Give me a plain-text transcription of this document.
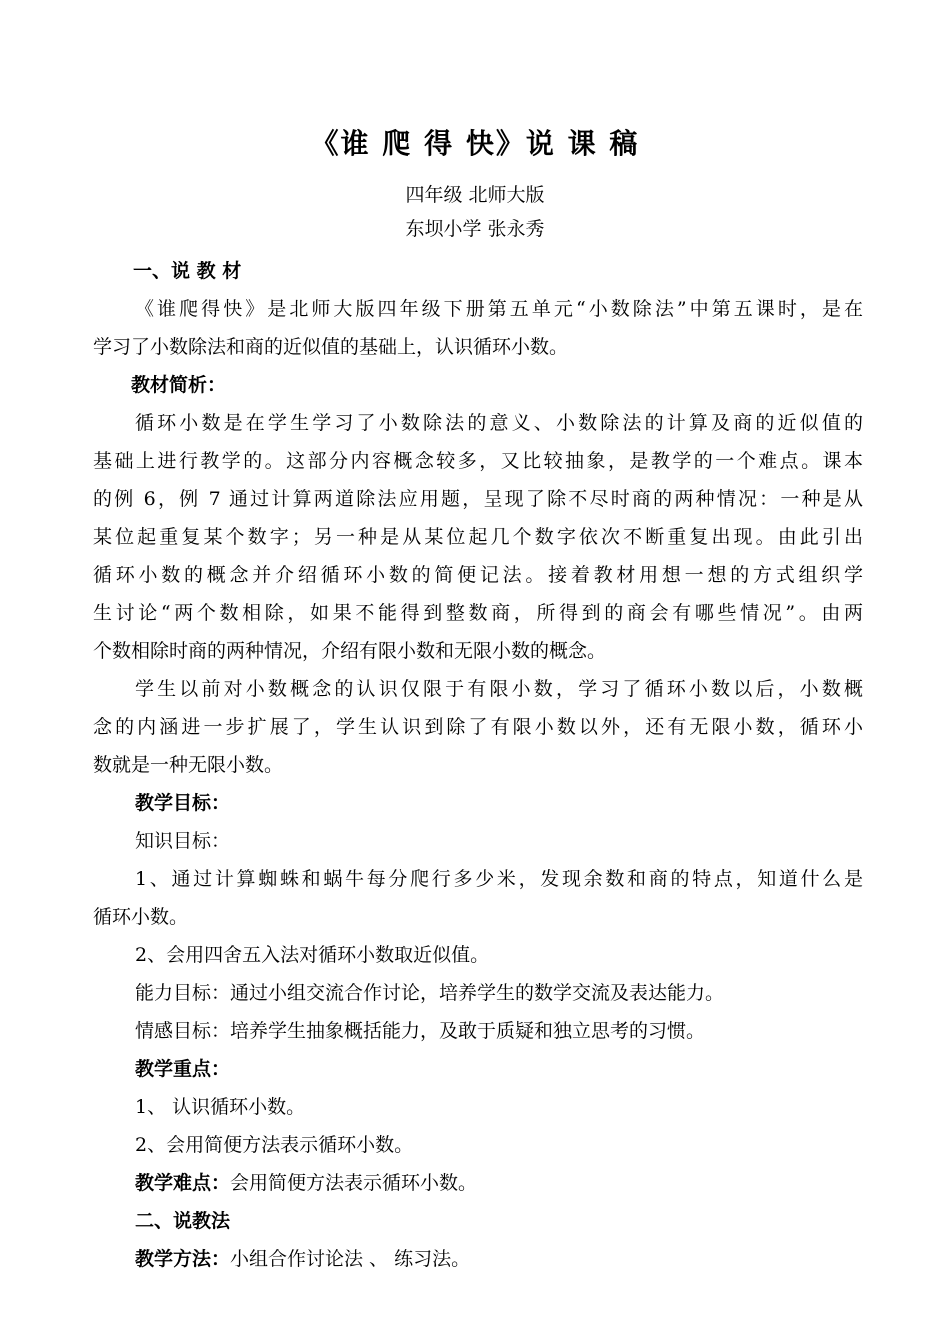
《谁 爬 得 快》说 课 稿
四年级 北师大版
东坝小学 张永秀
一、说 教 材
《谁爬得快》是北师大版四年级下册第五单元“小数除法”中第五课时，是在
学习了小数除法和商的近似值的基础上，认识循环小数。
教材简析：
循环小数是在学生学习了小数除法的意义、小数除法的计算及商的近似值的
基础上进行教学的。这部分内容概念较多，又比较抽象，是教学的一个难点。课本
的例 6，例 7 通过计算两道除法应用题，呈现了除不尽时商的两种情况：一种是从
某位起重复某个数字；另一种是从某位起几个数字依次不断重复出现。由此引出
循环小数的概念并介绍循环小数的简便记法。接着教材用想一想的方式组织学
生讨论“两个数相除，如果不能得到整数商，所得到的商会有哪些情况”。由两
个数相除时商的两种情况，介绍有限小数和无限小数的概念。
学生以前对小数概念的认识仅限于有限小数，学习了循环小数以后，小数概
念的内涵进一步扩展了，学生认识到除了有限小数以外，还有无限小数，循环小
数就是一种无限小数。
教学目标：
知识目标：
1、通过计算蜘蛛和蜗牛每分爬行多少米，发现余数和商的特点，知道什么是
循环小数。
2、会用四舍五入法对循环小数取近似值。
能力目标：通过小组交流合作讨论，培养学生的数学交流及表达能力。
情感目标：培养学生抽象概括能力，及敢于质疑和独立思考的习惯。
教学重点：
1、 认识循环小数。
2、会用简便方法表示循环小数。
教学难点：会用简便方法表示循环小数。
二、说教法
教学方法：小组合作讨论法 、 练习法。
